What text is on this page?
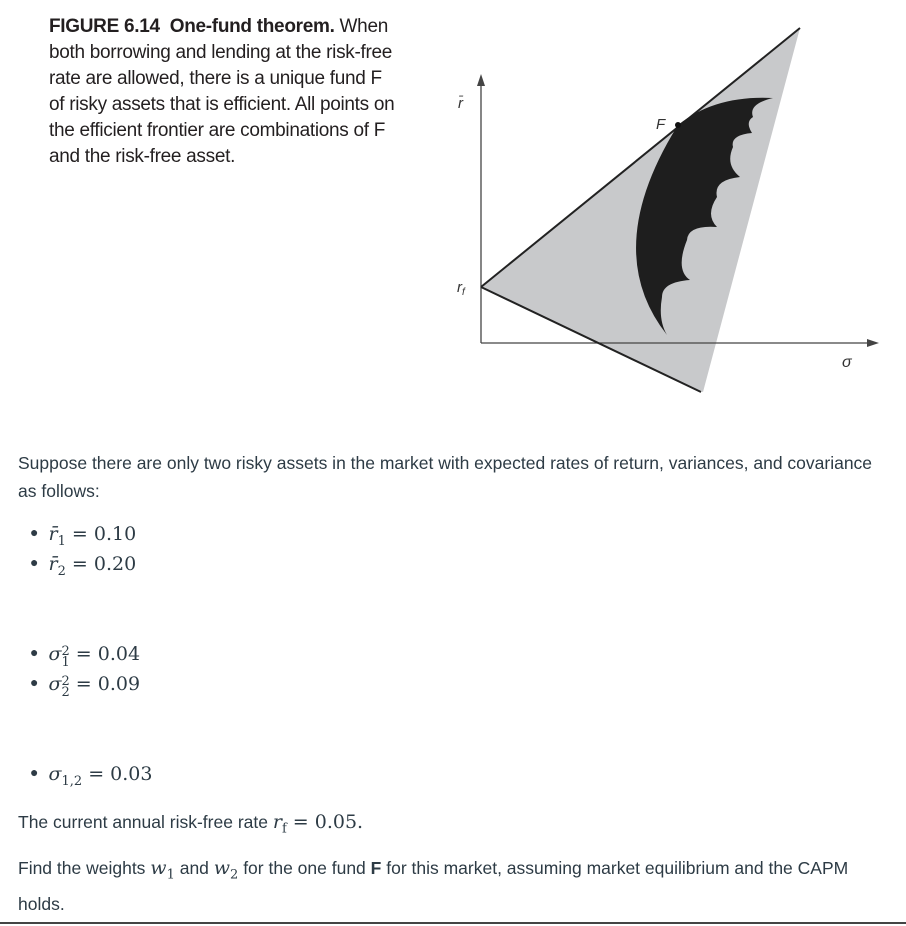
FIGURE 6.14 One-fund theorem. When both borrowing and lending at the risk-free rate are allowed, there is a unique fund F of risky assets that is efficient. All points on the efficient frontier are combinations of F and the risk-free asset.
F
r̄
$r_f$
σ
Suppose there are only two risky assets in the market with expected rates of return, variances, and covariance as follows:
● $r̄_1 = 0.10$
● $r̄_2 = 0.20$
● σ2
1 = 0.04
● σ2
2 = 0.09
● $\sigma_{1,2} = 0.03$
The current annual risk-free rate $r_f = 0.05$.
Find the weights $w_1$ and $w_2$ for the one fund F for this market, assuming market equilibrium and the CAPM holds.
